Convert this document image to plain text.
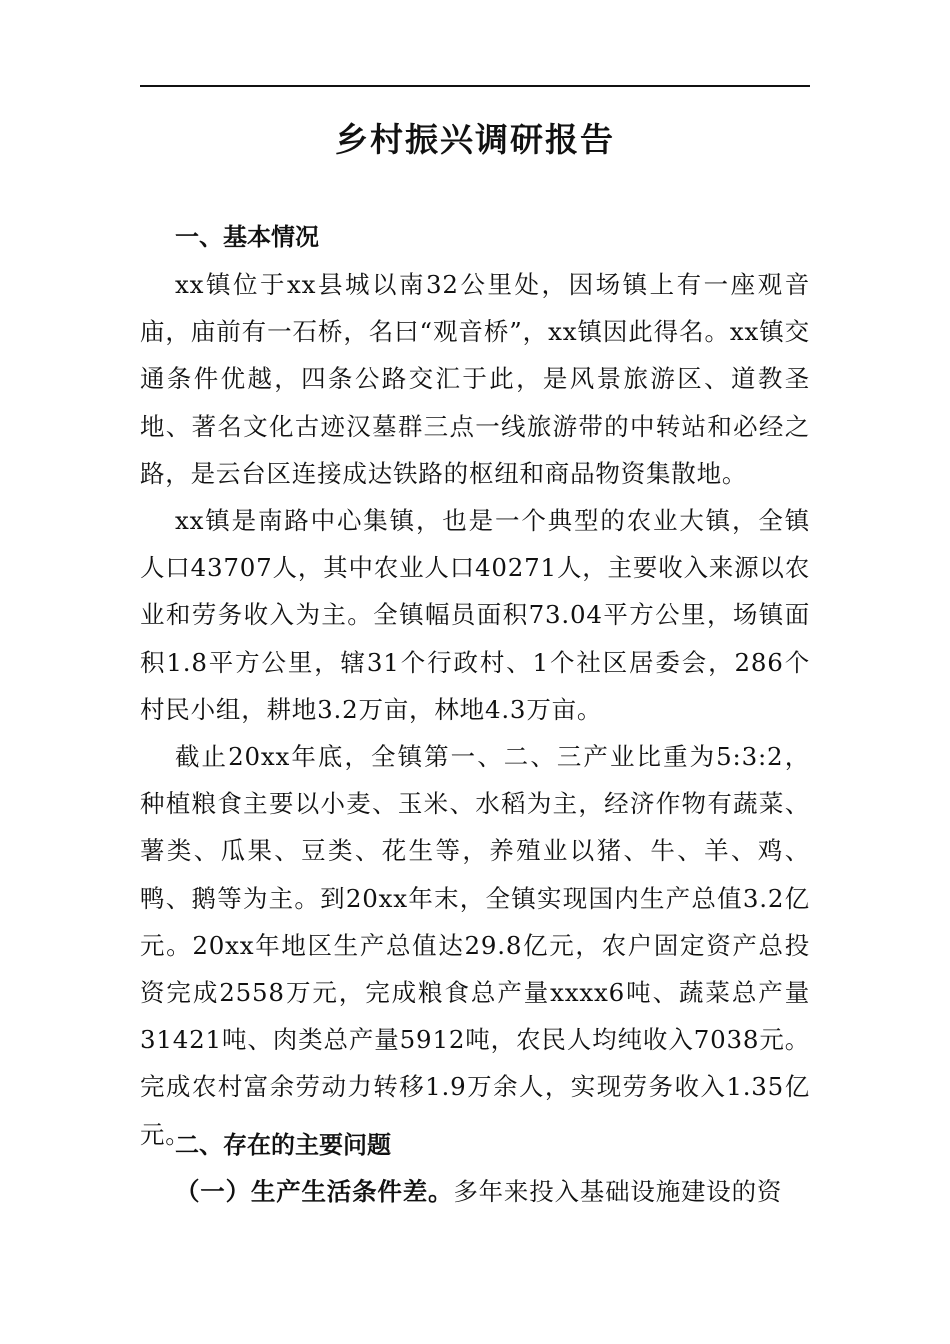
乡村振兴调研报告
一、基本情况
xx镇位于xx县城以南32公里处，因场镇上有一座观音庙，庙前有一石桥，名曰“观音桥”，xx镇因此得名。xx镇交通条件优越，四条公路交汇于此，是风景旅游区、道教圣地、著名文化古迹汉墓群三点一线旅游带的中转站和必经之路，是云台区连接成达铁路的枢纽和商品物资集散地。
xx镇是南路中心集镇，也是一个典型的农业大镇，全镇人口43707人，其中农业人口40271人，主要收入来源以农业和劳务收入为主。全镇幅员面积73.04平方公里，场镇面积1.8平方公里，辖31个行政村、1个社区居委会，286个村民小组，耕地3.2万亩，林地4.3万亩。
截止20xx年底，全镇第一、二、三产业比重为5:3:2，种植粮食主要以小麦、玉米、水稻为主，经济作物有蔬菜、薯类、瓜果、豆类、花生等，养殖业以猪、牛、羊、鸡、鸭、鹅等为主。到20xx年末，全镇实现国内生产总值3.2亿元。20xx年地区生产总值达29.8亿元，农户固定资产总投资完成2558万元，完成粮食总产量xxxx6吨、蔬菜总产量31421吨、肉类总产量5912吨，农民人均纯收入7038元。完成农村富余劳动力转移1.9万余人，实现劳务收入1.35亿元。
二、存在的主要问题
（一）生产生活条件差。多年来投入基础设施建设的资
